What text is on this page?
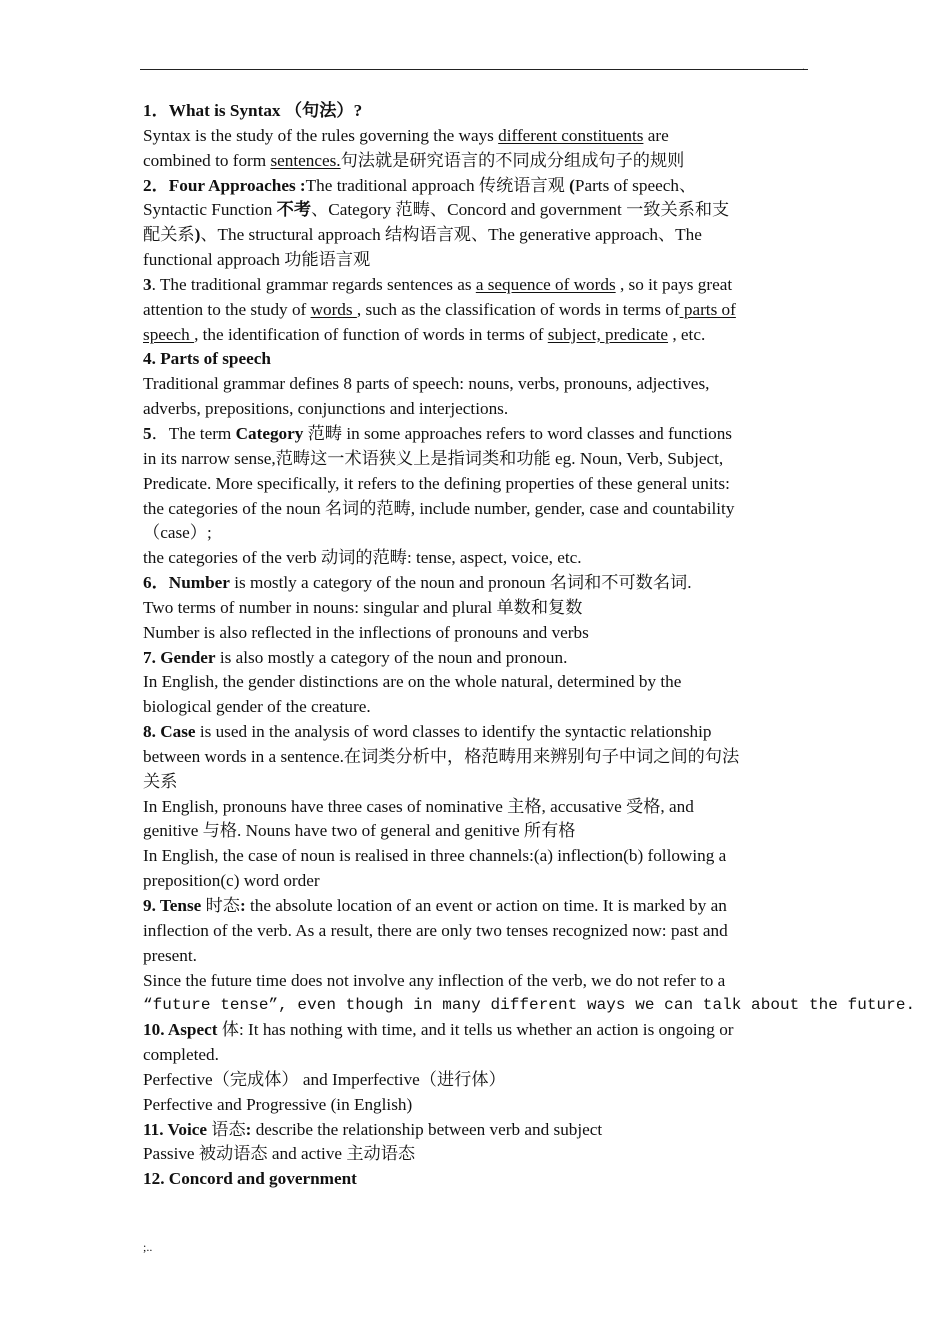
.
1．What is Syntax （句法）?
Syntax is the study of the rules governing the ways different constituents are
combined to form sentences.句法就是研究语言的不同成分组成句子的规则
2．Four Approaches :The traditional approach 传统语言观 (Parts of speech、
Syntactic Function 不考、Category 范畴、Concord and government 一致关系和支
配关系)、The structural approach 结构语言观、The generative approach、The
functional approach 功能语言观
3. The traditional grammar regards sentences as a sequence of words , so it pays great
attention to the study of words , such as the classification of words in terms of parts of
speech , the identification of function of words in terms of subject, predicate , etc.
4. Parts of speech
Traditional grammar defines 8 parts of speech: nouns, verbs, pronouns, adjectives,
adverbs, prepositions, conjunctions and interjections.
5．The term Category 范畴 in some approaches refers to word classes and functions
in its narrow sense,范畴这一术语狭义上是指词类和功能 eg. Noun, Verb, Subject,
Predicate. More specifically, it refers to the defining properties of these general units:
the categories of the noun 名词的范畴, include number, gender, case and countability
（case）;
the categories of the verb 动词的范畴: tense, aspect, voice, etc.
6．Number is mostly a category of the noun and pronoun 名词和不可数名词.
Two terms of number in nouns: singular and plural 单数和复数
Number is also reflected in the inflections of pronouns and verbs
7. Gender is also mostly a category of the noun and pronoun.
In English, the gender distinctions are on the whole natural, determined by the
biological gender of the creature.
8. Case is used in the analysis of word classes to identify the syntactic relationship
between words in a sentence.在词类分析中，格范畴用来辨别句子中词之间的句法
关系
In English, pronouns have three cases of nominative 主格, accusative 受格, and
genitive 与格. Nouns have two of general and genitive 所有格
In English, the case of noun is realised in three channels:(a) inflection(b) following a
preposition(c) word order
9. Tense 时态: the absolute location of an event or action on time. It is marked by an
inflection of the verb. As a result, there are only two tenses recognized now: past and
present.
Since the future time does not involve any inflection of the verb, we do not refer to a
“future tense”, even though in many different ways we can talk about the future.
10. Aspect 体: It has nothing with time, and it tells us whether an action is ongoing or
completed.
Perfective（完成体） and Imperfective（进行体）
Perfective and Progressive (in English)
11. Voice 语态: describe the relationship between verb and subject
Passive 被动语态 and active 主动语态
12. Concord and government
;..
